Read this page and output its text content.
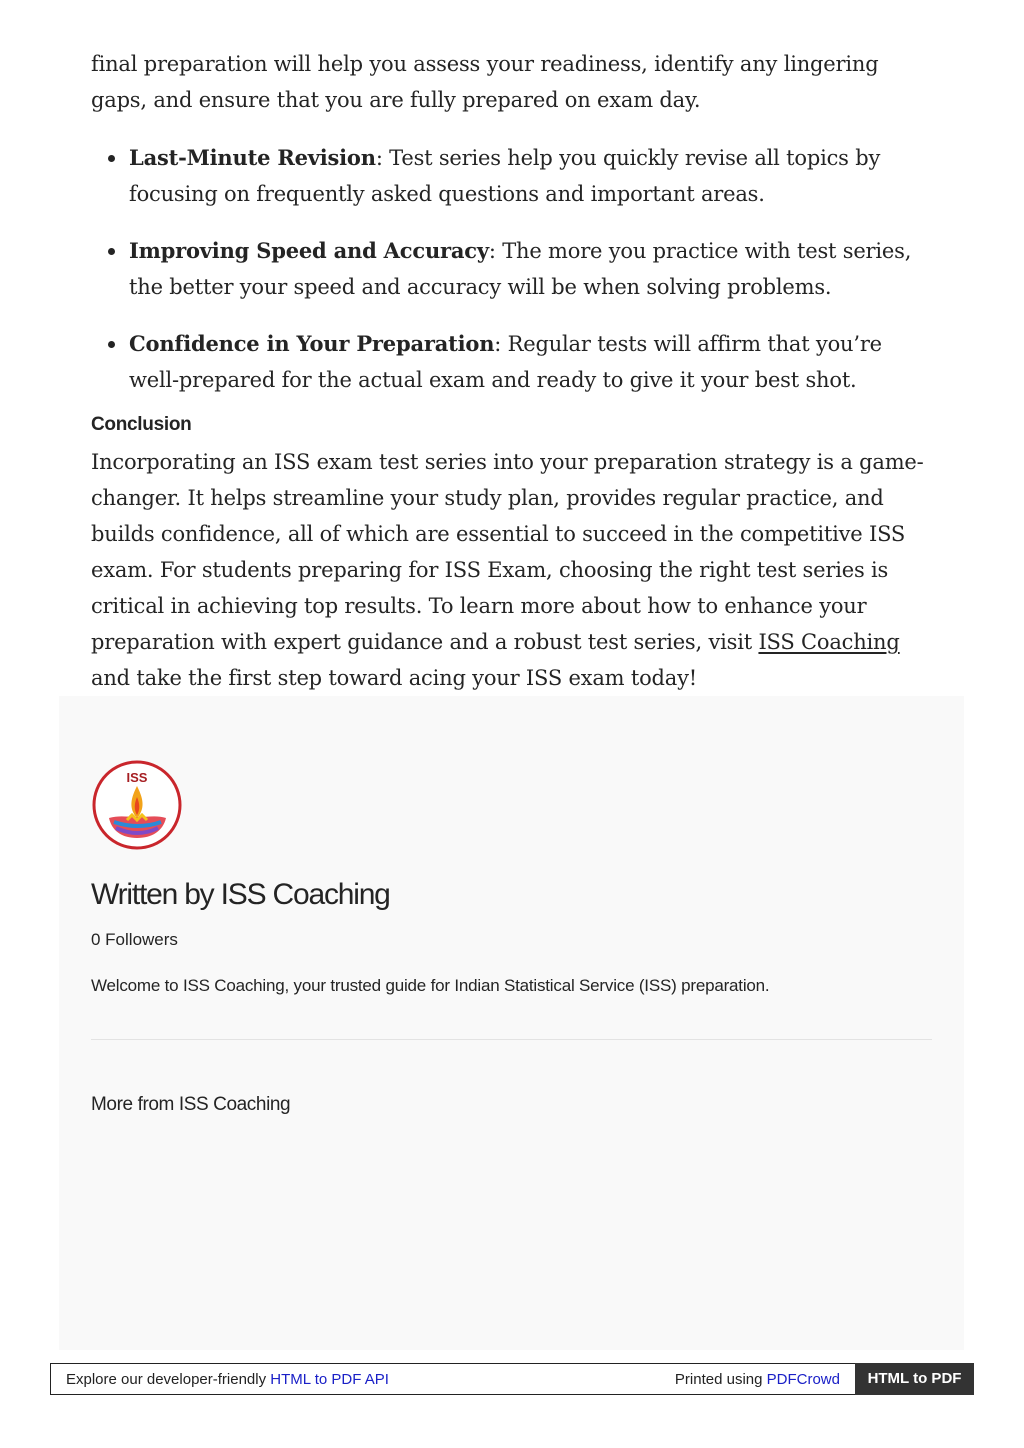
final preparation will help you assess your readiness, identify any lingering gaps, and ensure that you are fully prepared on exam day.

Last-Minute Revision: Test series help you quickly revise all topics by focusing on frequently asked questions and important areas.
Improving Speed and Accuracy: The more you practice with test series, the better your speed and accuracy will be when solving problems.
Confidence in Your Preparation: Regular tests will affirm that you’re well-prepared for the actual exam and ready to give it your best shot.
Conclusion

Incorporating an ISS exam test series into your preparation strategy is a game-changer. It helps streamline your study plan, provides regular practice, and builds confidence, all of which are essential to succeed in the competitive ISS exam. For students preparing for ISS Exam, choosing the right test series is critical in achieving top results. To learn more about how to enhance your preparation with expert guidance and a robust test series, visit ISS Coaching and take the first step toward acing your ISS exam today!

ISS
Written by ISS Coaching
0 Followers
Welcome to ISS Coaching, your trusted guide for Indian Statistical Service (ISS) preparation.
More from ISS Coaching
Explore our developer-friendly HTML to PDF API	Printed using PDFCrowd	HTML to PDF
